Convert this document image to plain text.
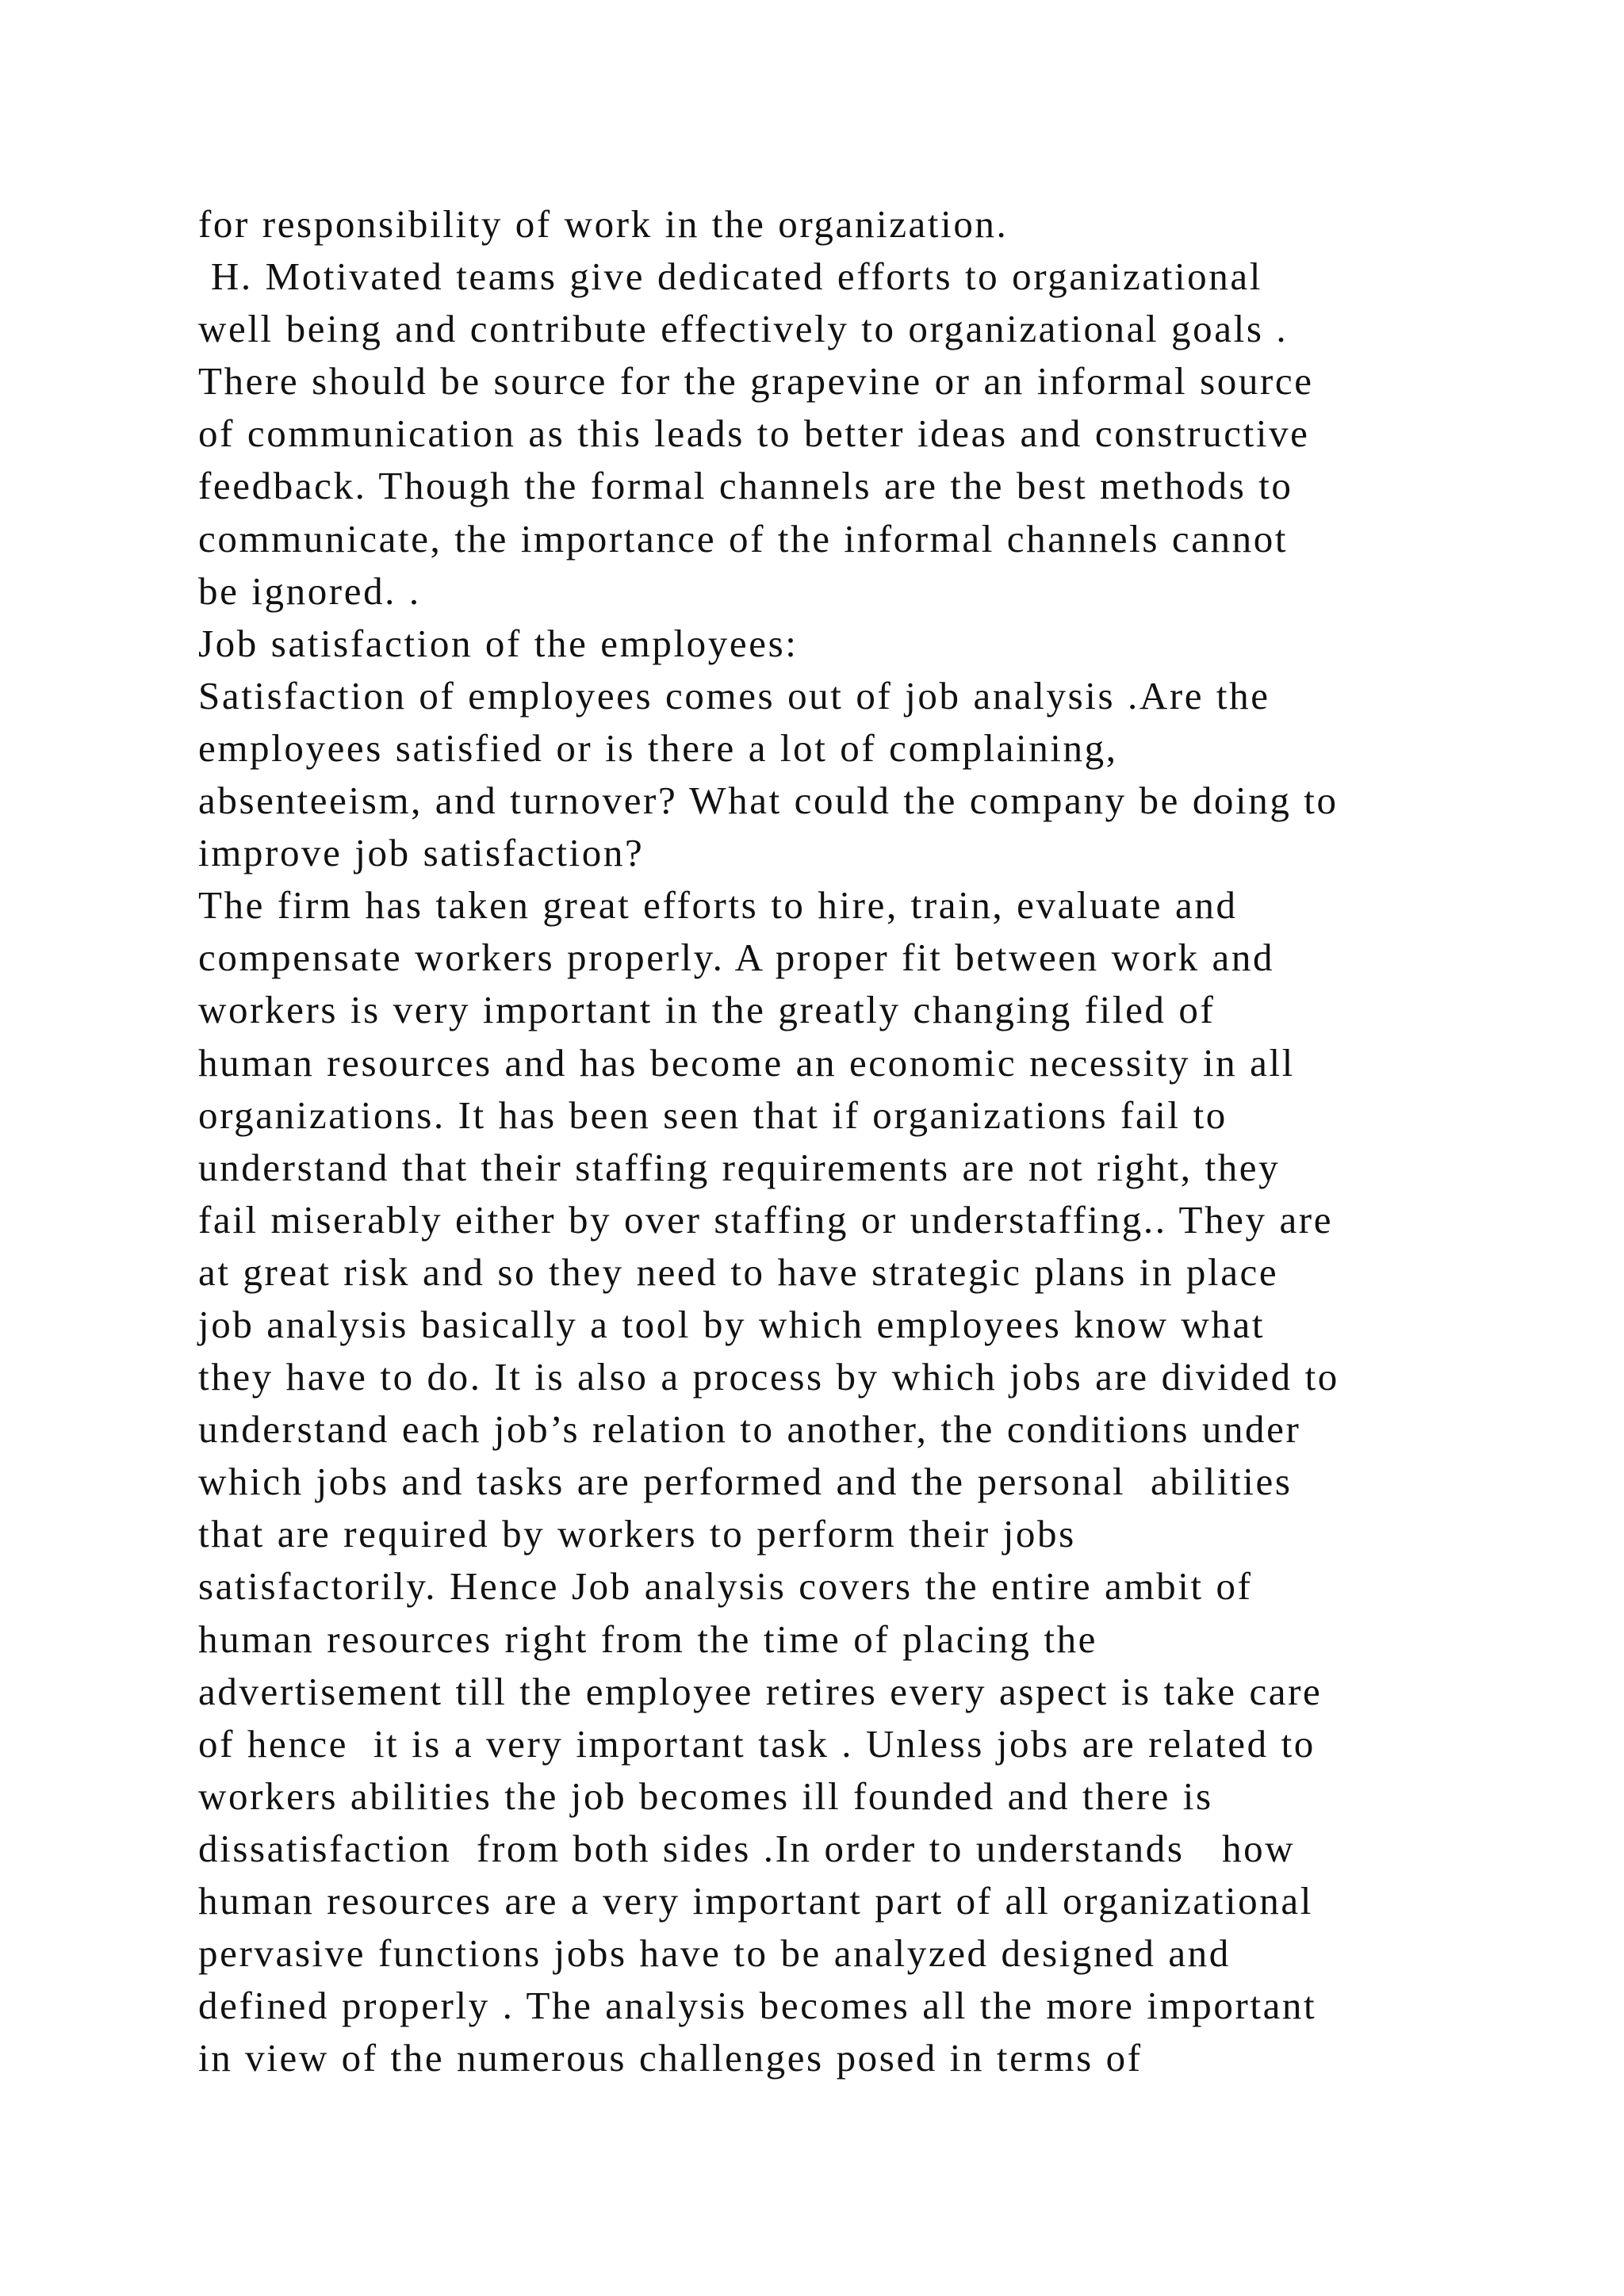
for responsibility of work in the organization.
H. Motivated teams give dedicated efforts to organizational
well being and contribute effectively to organizational goals .
There should be source for the grapevine or an informal source
of communication as this leads to better ideas and constructive
feedback. Though the formal channels are the best methods to
communicate, the importance of the informal channels cannot
be ignored. .
Job satisfaction of the employees:
Satisfaction of employees comes out of job analysis .Are the
employees satisfied or is there a lot of complaining,
absenteeism, and turnover? What could the company be doing to
improve job satisfaction?
The firm has taken great efforts to hire, train, evaluate and
compensate workers properly. A proper fit between work and
workers is very important in the greatly changing filed of
human resources and has become an economic necessity in all
organizations. It has been seen that if organizations fail to
understand that their staffing requirements are not right, they
fail miserably either by over staffing or understaffing.. They are
at great risk and so they need to have strategic plans in place
job analysis basically a tool by which employees know what
they have to do. It is also a process by which jobs are divided to
understand each job’s relation to another, the conditions under
which jobs and tasks are performed and the personal  abilities
that are required by workers to perform their jobs
satisfactorily. Hence Job analysis covers the entire ambit of
human resources right from the time of placing the
advertisement till the employee retires every aspect is take care
of hence  it is a very important task . Unless jobs are related to
workers abilities the job becomes ill founded and there is
dissatisfaction  from both sides .In order to understands   how
human resources are a very important part of all organizational
pervasive functions jobs have to be analyzed designed and
defined properly . The analysis becomes all the more important
in view of the numerous challenges posed in terms of
